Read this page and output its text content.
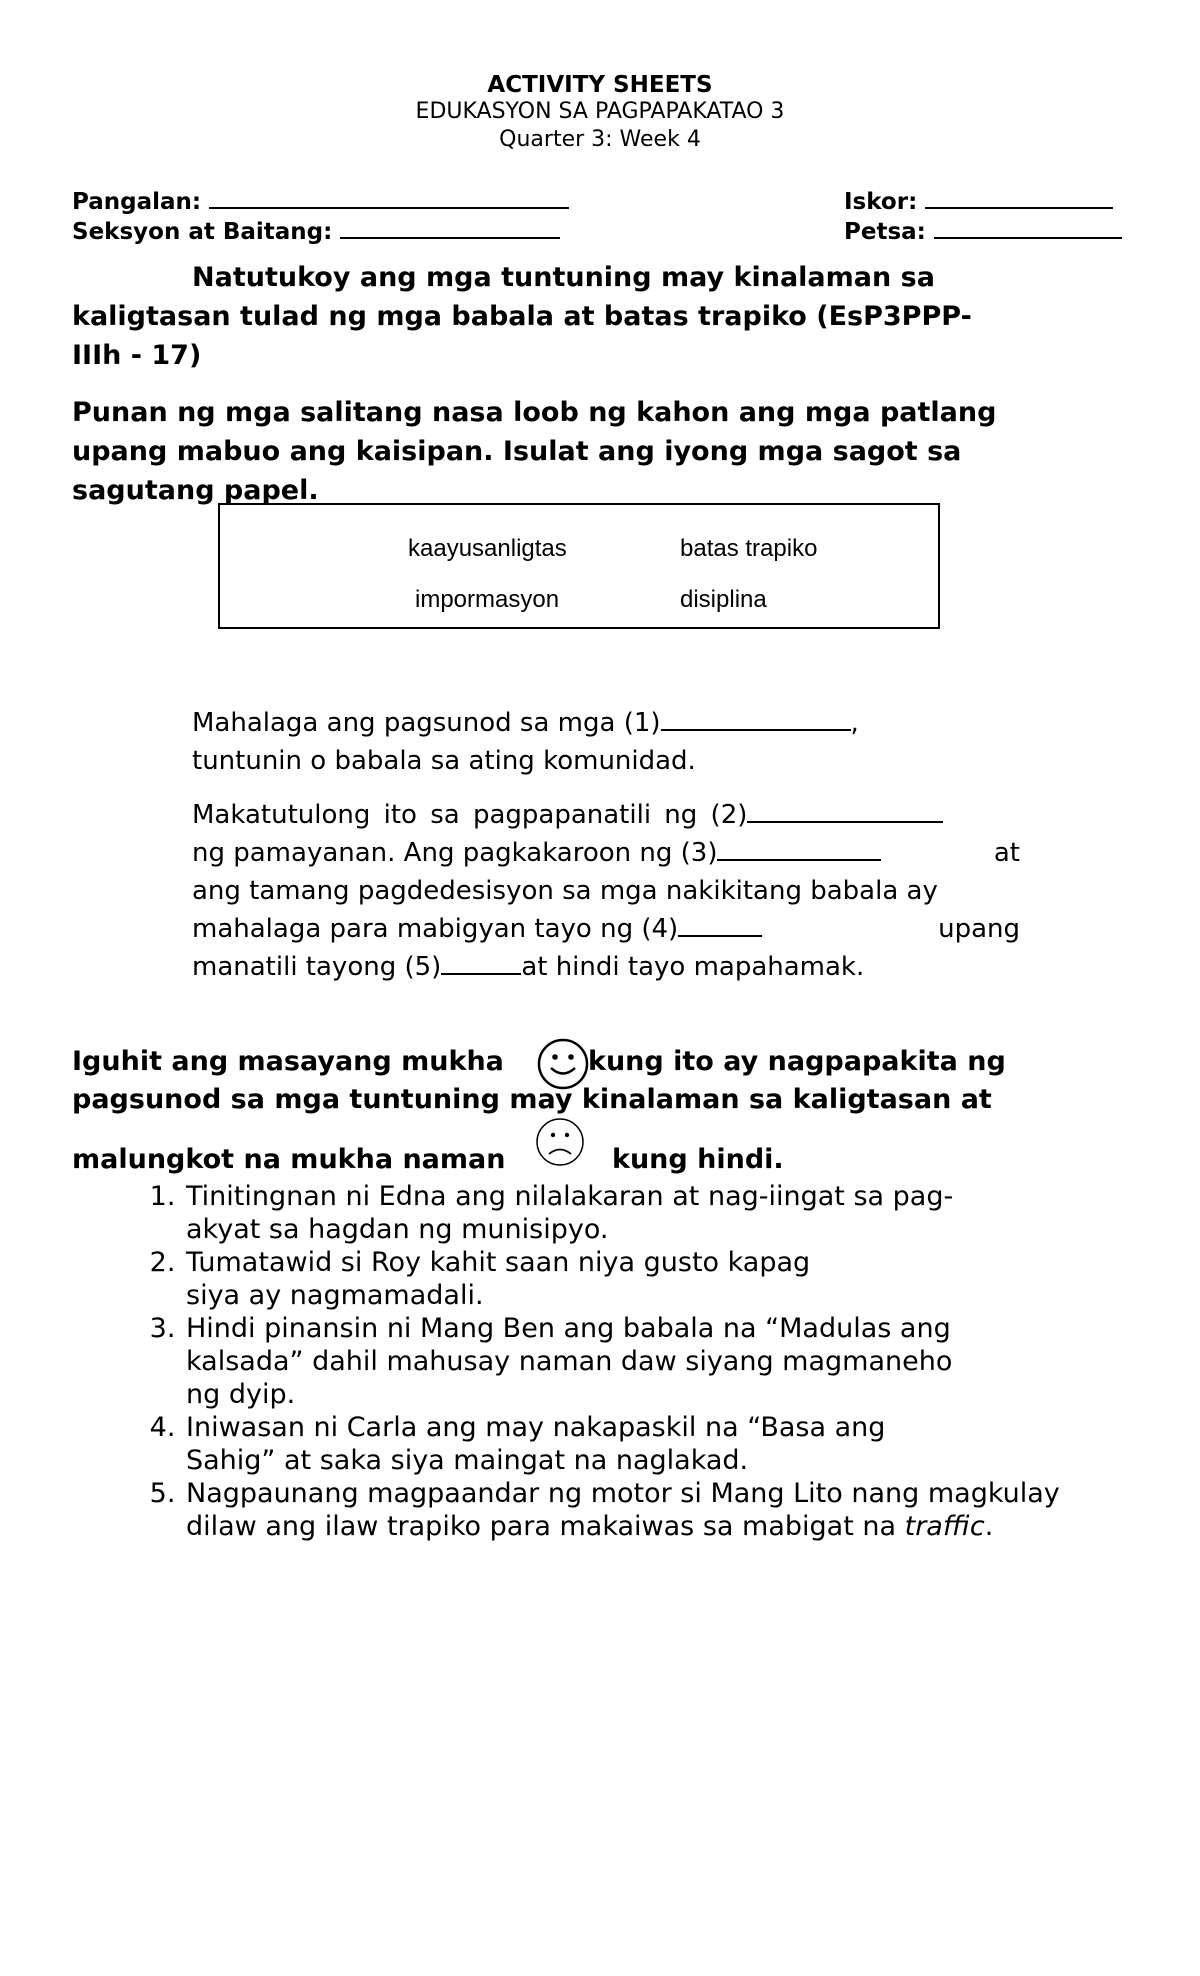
ACTIVITY SHEETS
EDUKASYON SA PAGPAPAKATAO 3
Quarter 3: Week 4
Pangalan:
Seksyon at Baitang:
Iskor:
Petsa:
Natutukoy ang mga tuntuning may kinalaman sa
kaligtasan tulad ng mga babala at batas trapiko (EsP3PPP-
IIIh - 17)
Punan ng mga salitang nasa loob ng kahon ang mga patlang
upang mabuo ang kaisipan. Isulat ang iyong mga sagot sa
sagutang papel.
kaayusanligtas	batas trapiko
impormasyon	disiplina
Mahalaga ang pagsunod sa mga (1)	,
tuntunin o babala sa ating komunidad.
Makatutulong ito sa pagpapanatili ng (2)
ng pamayanan. Ang pagkakaroon ng (3)	at
ang tamang pagdedesisyon sa mga nakikitang babala ay
mahalaga para mabigyan tayo ng (4)	upang
manatili tayong (5)	at hindi tayo mapahamak.
Iguhit ang masayang mukha	kung ito ay nagpapakita ng
pagsunod sa mga tuntuning may kinalaman sa kaligtasan at
malungkot na mukha naman	kung hindi.
1. Tinitingnan ni Edna ang nilalakaran at nag-iingat sa pag-
akyat sa hagdan ng munisipyo.
2. Tumatawid si Roy kahit saan niya gusto kapag
siya ay nagmamadali.
3. Hindi pinansin ni Mang Ben ang babala na “Madulas ang
kalsada” dahil mahusay naman daw siyang magmaneho
ng dyip.
4. Iniwasan ni Carla ang may nakapaskil na “Basa ang
Sahig” at saka siya maingat na naglakad.
5. Nagpaunang magpaandar ng motor si Mang Lito nang magkulay
dilaw ang ilaw trapiko para makaiwas sa mabigat na traffic.
